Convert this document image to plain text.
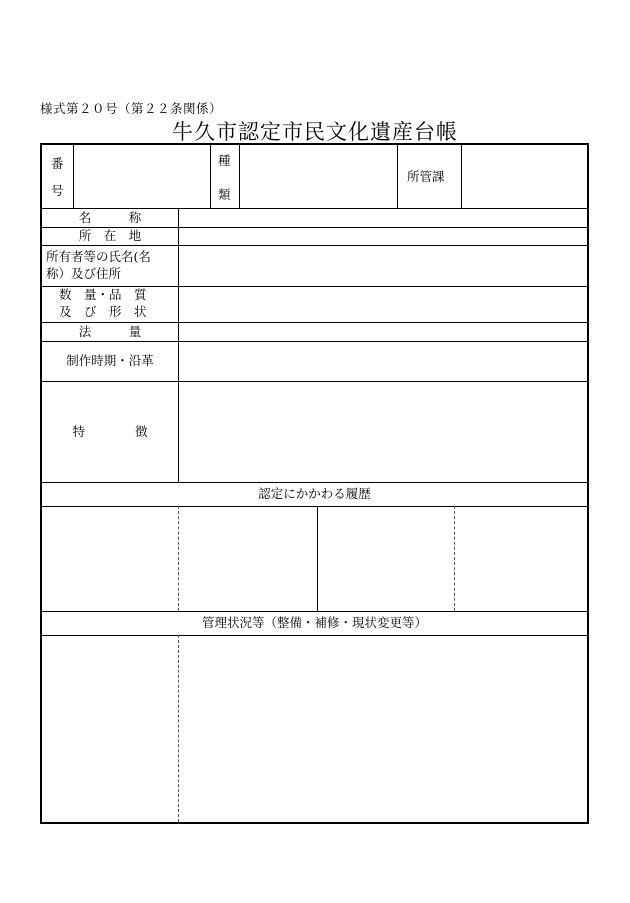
様式第２０号（第２２条関係）
牛久市認定市民文化遺産台帳
番
号
種
類
所管課
名　　　称
所　在　地
所有者等の氏名(名
称）及び住所
数　量・品　質
及　び　形　状
法　　　量
制作時期・沿革
特　　　　徴
認定にかかわる履歴
管理状況等（整備・補修・現状変更等）
